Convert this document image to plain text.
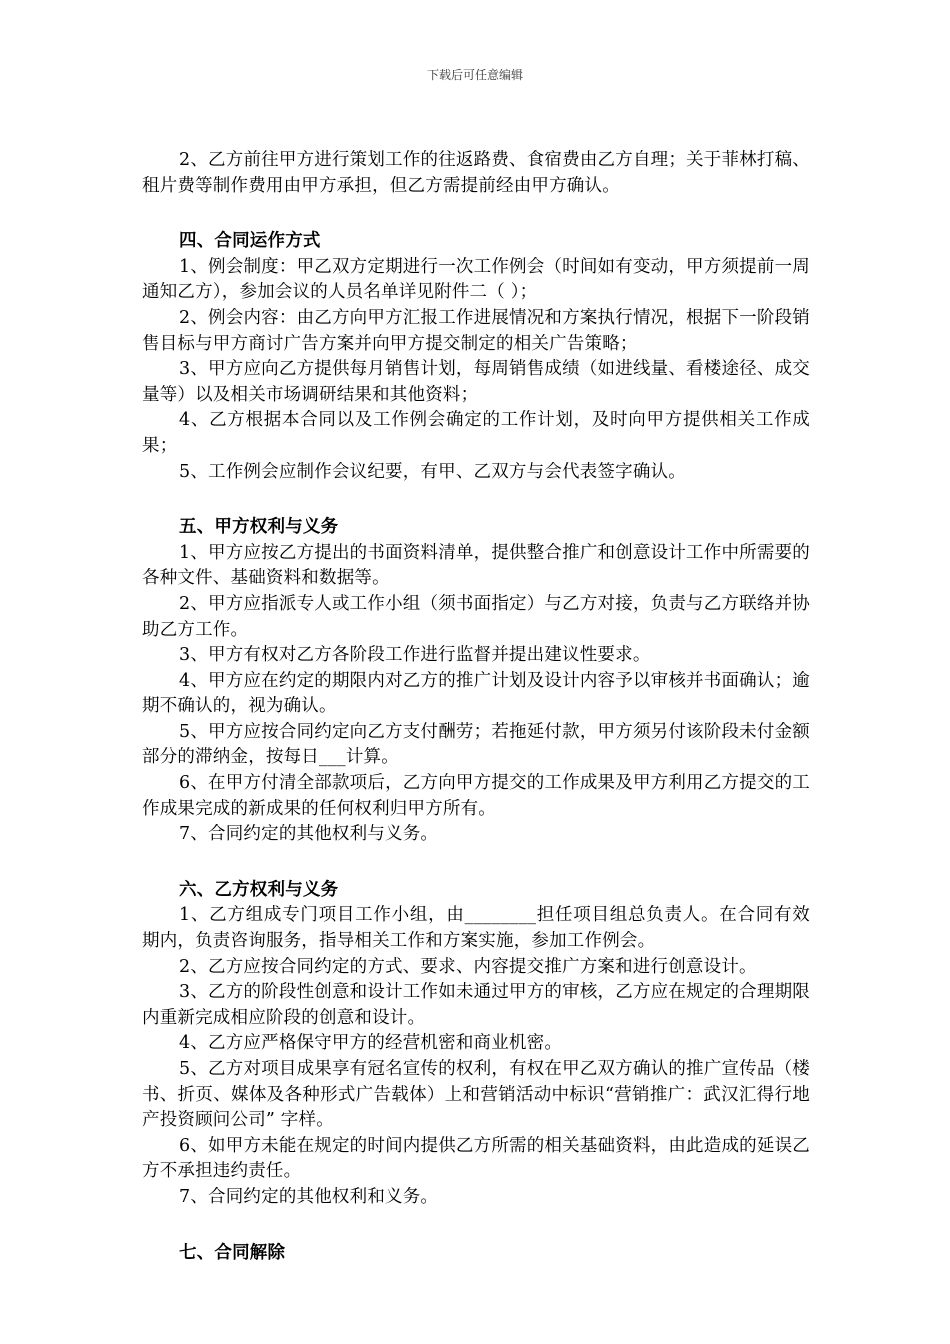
下载后可任意编辑

2、乙方前往甲方进行策划工作的往返路费、食宿费由乙方自理；关于菲林打稿、租片费等制作费用由甲方承担，但乙方需提前经由甲方确认。

四、合同运作方式

1、例会制度：甲乙双方定期进行一次工作例会（时间如有变动，甲方须提前一周通知乙方），参加会议的人员名单详见附件二（ ）；

2、例会内容：由乙方向甲方汇报工作进展情况和方案执行情况，根据下一阶段销售目标与甲方商讨广告方案并向甲方提交制定的相关广告策略；

3、甲方应向乙方提供每月销售计划，每周销售成绩（如进线量、看楼途径、成交量等）以及相关市场调研结果和其他资料；

4、乙方根据本合同以及工作例会确定的工作计划，及时向甲方提供相关工作成果；

5、工作例会应制作会议纪要，有甲、乙双方与会代表签字确认。

五、甲方权利与义务

1、甲方应按乙方提出的书面资料清单，提供整合推广和创意设计工作中所需要的各种文件、基础资料和数据等。

2、甲方应指派专人或工作小组（须书面指定）与乙方对接，负责与乙方联络并协助乙方工作。

3、甲方有权对乙方各阶段工作进行监督并提出建议性要求。

4、甲方应在约定的期限内对乙方的推广计划及设计内容予以审核并书面确认；逾期不确认的，视为确认。

5、甲方应按合同约定向乙方支付酬劳；若拖延付款，甲方须另付该阶段未付金额部分的滞纳金，按每日___计算。

6、在甲方付清全部款项后，乙方向甲方提交的工作成果及甲方利用乙方提交的工作成果完成的新成果的任何权利归甲方所有。

7、合同约定的其他权利与义务。

六、乙方权利与义务

1、乙方组成专门项目工作小组，由________担任项目组总负责人。在合同有效期内，负责咨询服务，指导相关工作和方案实施，参加工作例会。

2、乙方应按合同约定的方式、要求、内容提交推广方案和进行创意设计。

3、乙方的阶段性创意和设计工作如未通过甲方的审核，乙方应在规定的合理期限内重新完成相应阶段的创意和设计。

4、乙方应严格保守甲方的经营机密和商业机密。

5、乙方对项目成果享有冠名宣传的权利，有权在甲乙双方确认的推广宣传品（楼书、折页、媒体及各种形式广告载体）上和营销活动中标识“营销推广：武汉汇得行地产投资顾问公司” 字样。

6、如甲方未能在规定的时间内提供乙方所需的相关基础资料，由此造成的延误乙方不承担违约责任。

7、合同约定的其他权利和义务。

七、合同解除
